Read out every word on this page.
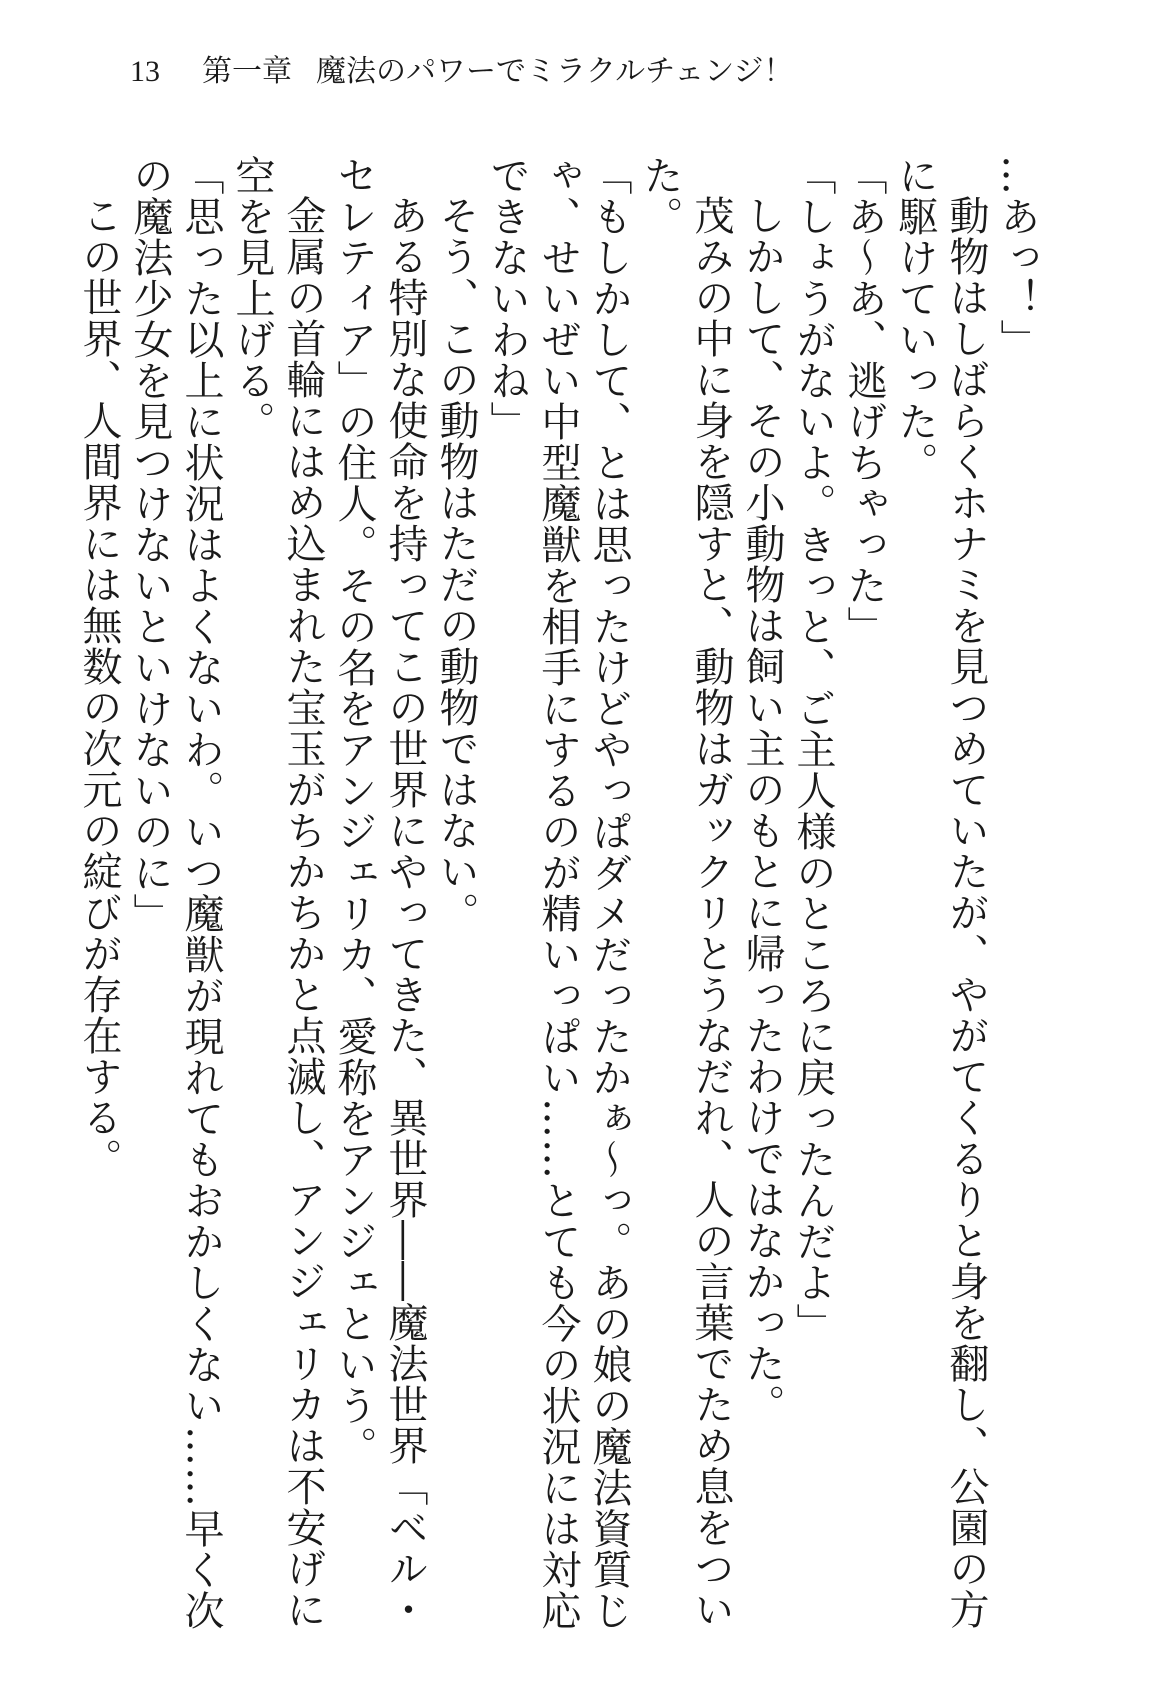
13	第一章 魔法のパワーでミラクルチェンジ！

…あっ！」

動物はしばらくホナミを見つめていたが、やがてくるりと身を翻し、公園の方に駆けていった。

「あ〜あ、逃げちゃった」

「しょうがないよ。きっと、ご主人様のところに戻ったんだよ」

しかして、その小動物は飼い主のもとに帰ったわけではなかった。

茂みの中に身を隠すと、動物はガックリとうなだれ、人の言葉でため息をついた。

「もしかして、とは思ったけどやっぱダメだったかぁ〜っ。あの娘の魔法資質じゃ、せいぜい中型魔獣を相手にするのが精いっぱい……とても今の状況には対応できないわね」

そう、この動物はただの動物ではない。

ある特別な使命を持ってこの世界にやってきた、異世界――魔法世界「ベル・セレティア」の住人。その名をアンジェリカ、愛称をアンジェという。

金属の首輪にはめ込まれた宝玉がちかちかと点滅し、アンジェリカは不安げに空を見上げる。

「思った以上に状況はよくないわ。いつ魔獣が現れてもおかしくない……早く次の魔法少女を見つけないといけないのに」

この世界、人間界には無数の次元の綻びが存在する。
